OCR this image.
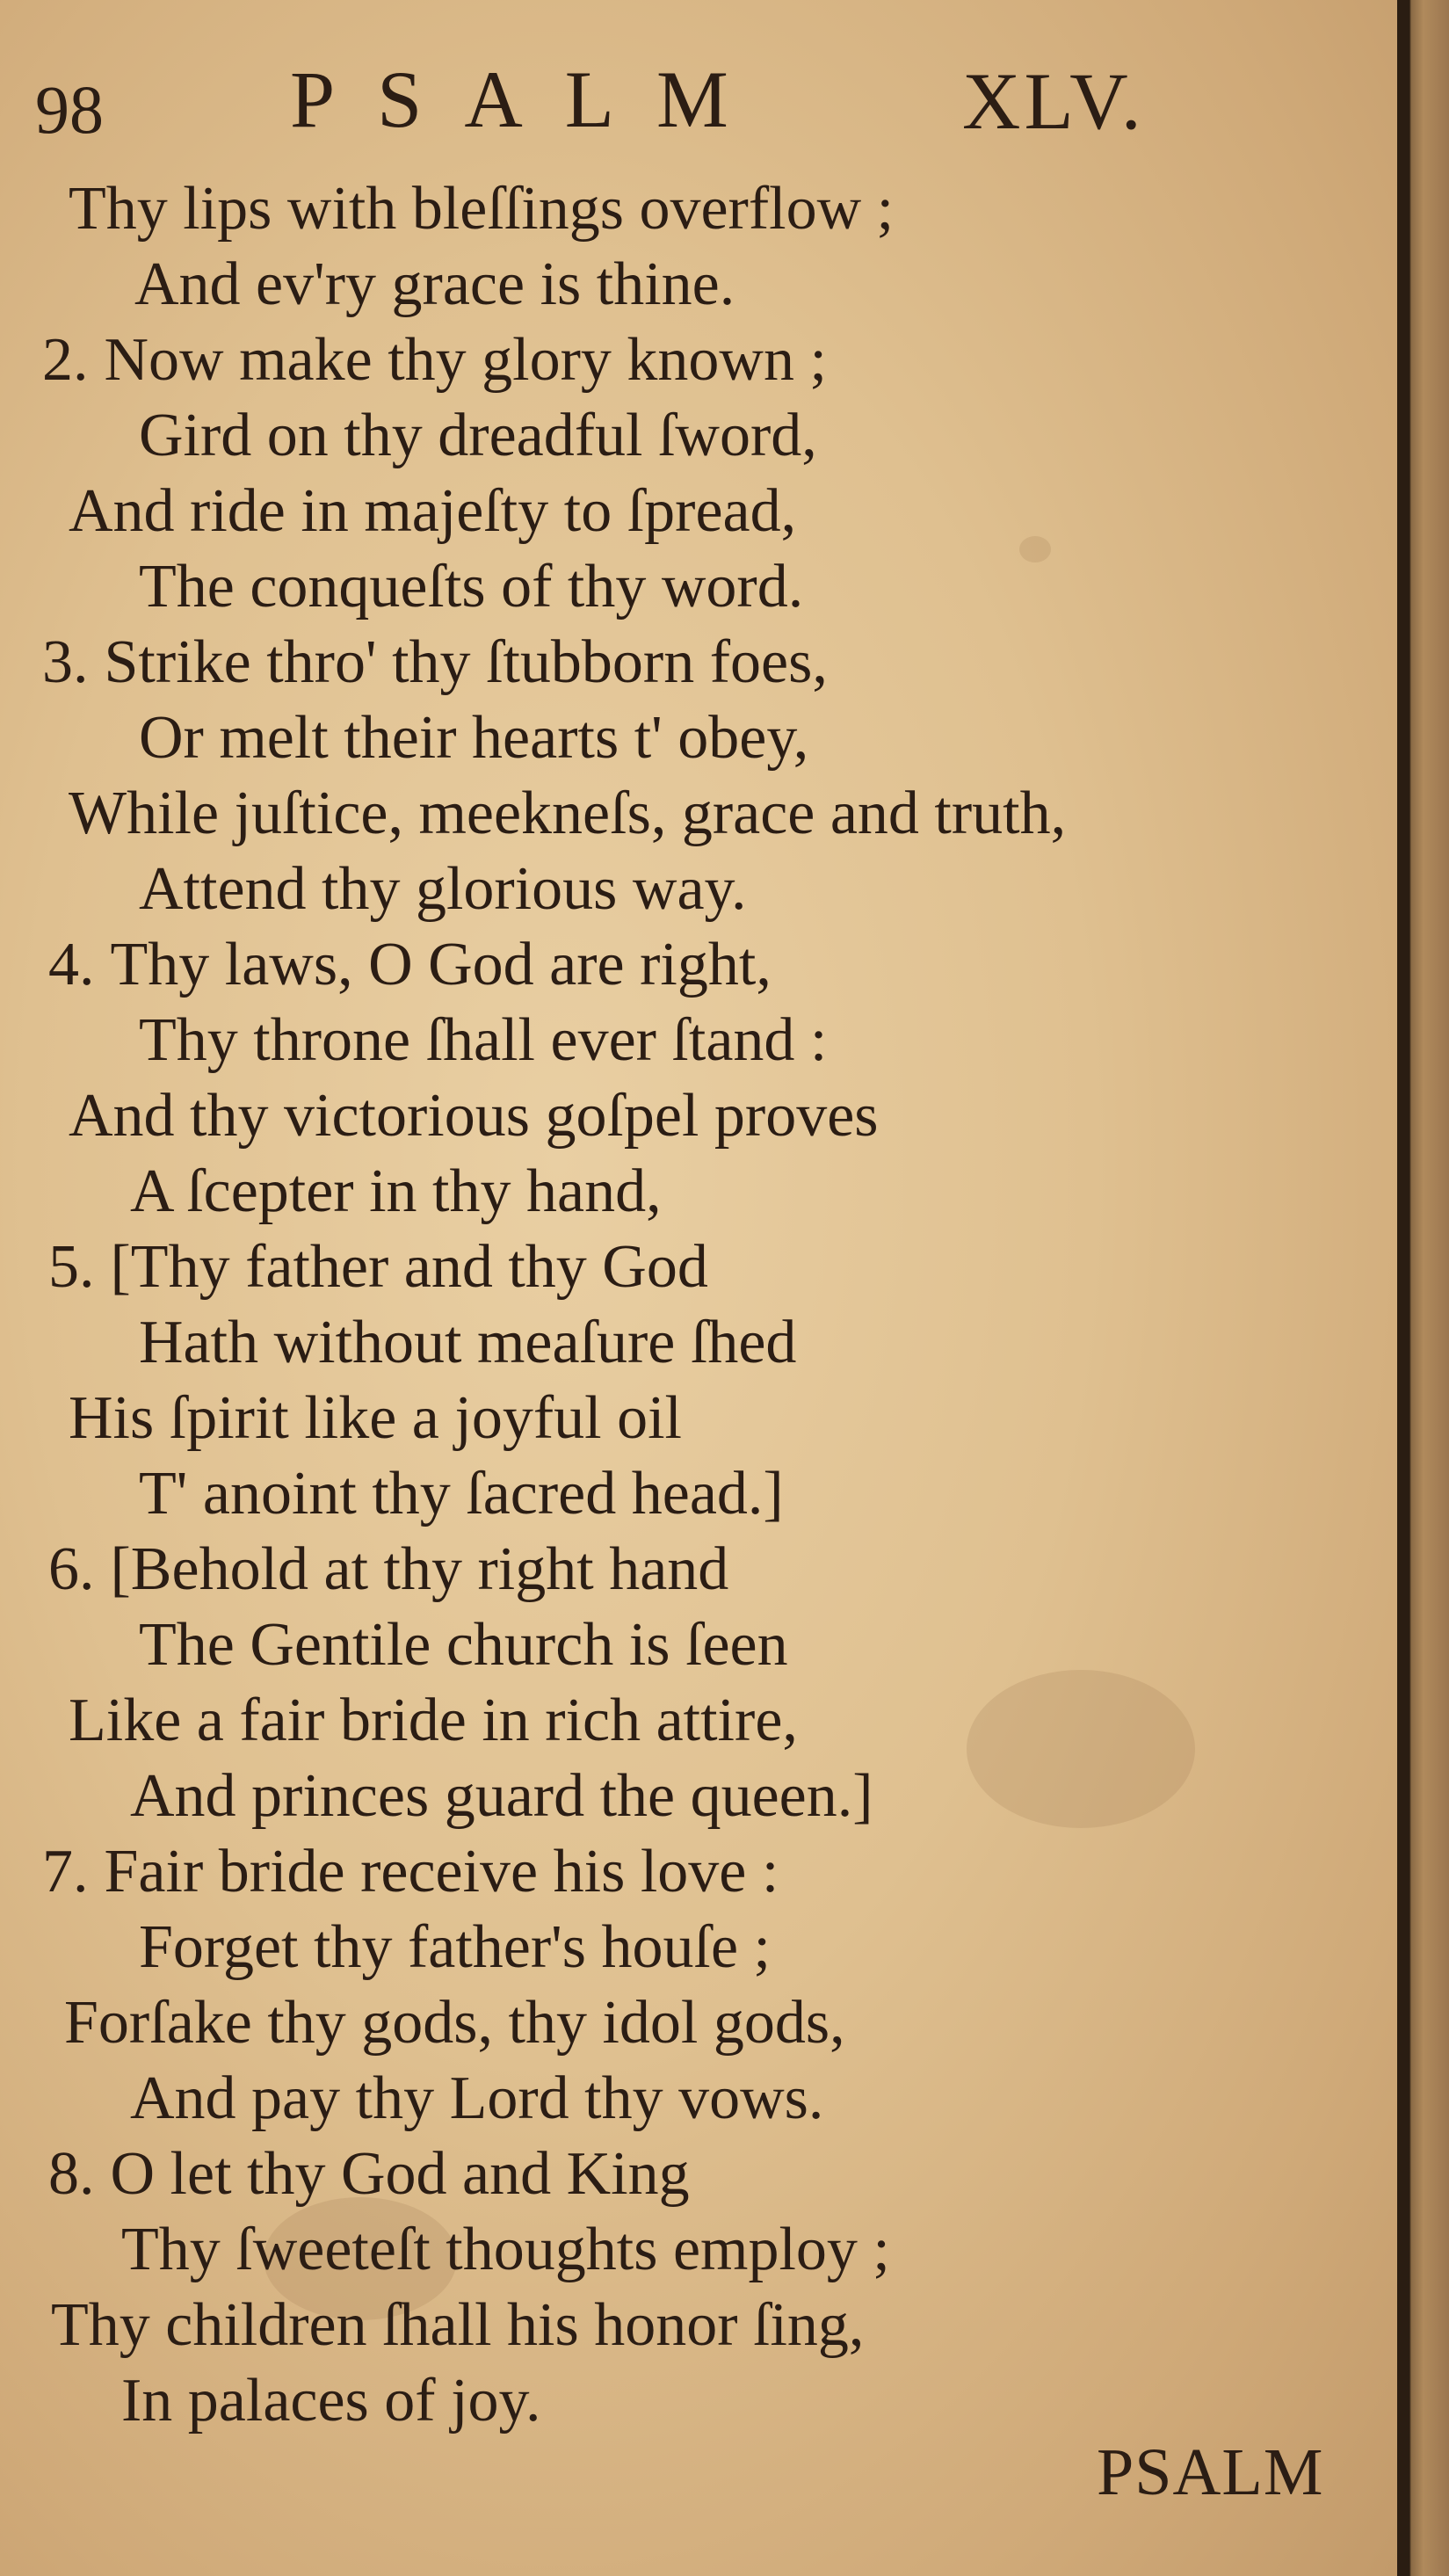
98 PSALM XLV.
Thy lips with bleſſings overflow ;
And ev'ry grace is thine.
2. Now make thy glory known ;
Gird on thy dreadful ſword,
And ride in majeſty to ſpread,
The conqueſts of thy word.
3. Strike thro' thy ſtubborn foes,
Or melt their hearts t' obey,
While juſtice, meekneſs, grace and truth,
Attend thy glorious way.
4. Thy laws, O God are right,
Thy throne ſhall ever ſtand :
And thy victorious goſpel proves
A ſcepter in thy hand,
5. [Thy father and thy God
Hath without meaſure ſhed
His ſpirit like a joyful oil
T' anoint thy ſacred head.]
6. [Behold at thy right hand
The Gentile church is ſeen
Like a fair bride in rich attire,
And princes guard the queen.]
7. Fair bride receive his love :
Forget thy father's houſe ;
Forſake thy gods, thy idol gods,
And pay thy Lord thy vows.
8. O let thy God and King
Thy ſweeteſt thoughts employ ;
Thy children ſhall his honor ſing,
In palaces of joy.
PSALM
